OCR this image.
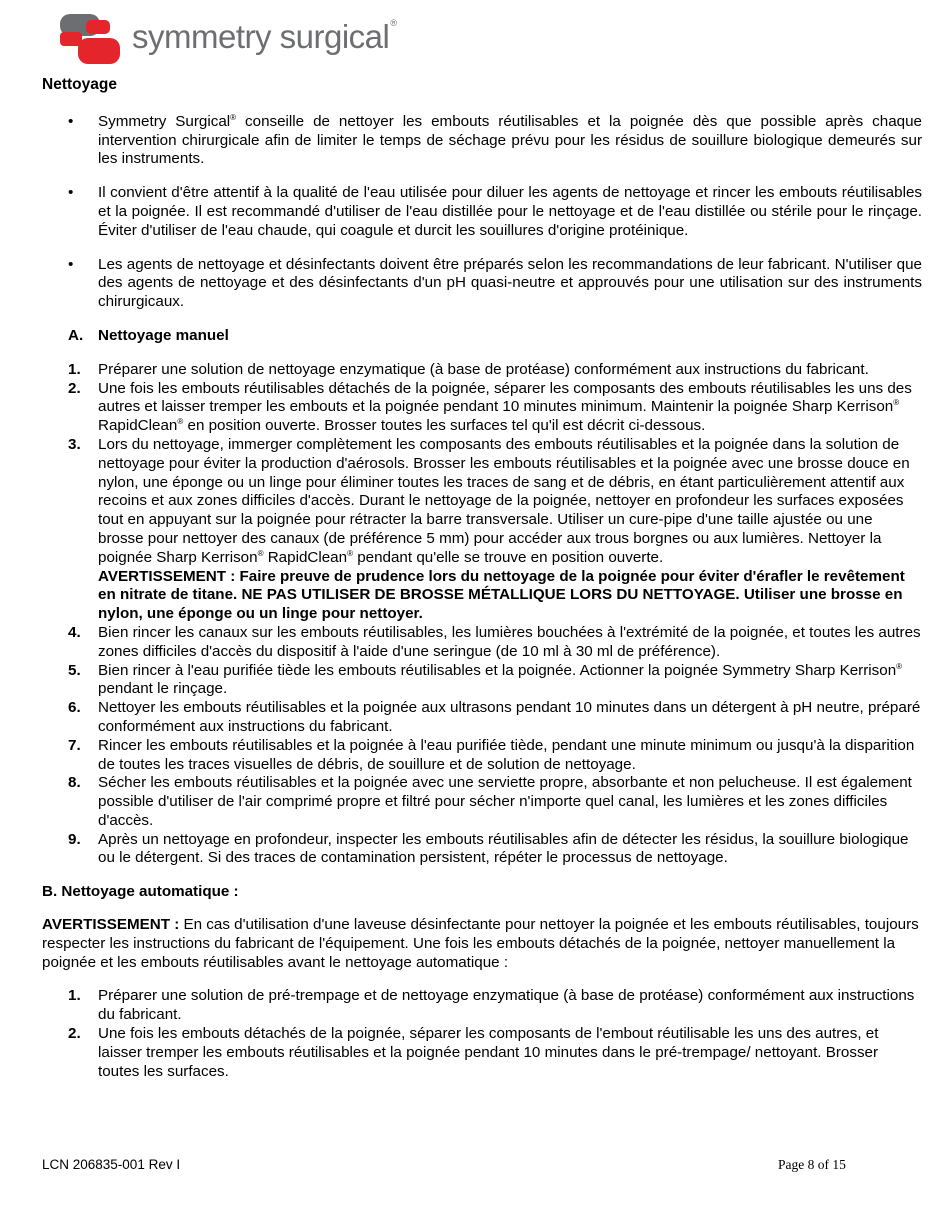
symmetry surgical®
Nettoyage
• Symmetry Surgical® conseille de nettoyer les embouts réutilisables et la poignée dès que possible après chaque intervention chirurgicale afin de limiter le temps de séchage prévu pour les résidus de souillure biologique demeurés sur les instruments.
• Il convient d'être attentif à la qualité de l'eau utilisée pour diluer les agents de nettoyage et rincer les embouts réutilisables et la poignée. Il est recommandé d'utiliser de l'eau distillée pour le nettoyage et de l'eau distillée ou stérile pour le rinçage. Éviter d'utiliser de l'eau chaude, qui coagule et durcit les souillures d'origine protéinique.
• Les agents de nettoyage et désinfectants doivent être préparés selon les recommandations de leur fabricant. N'utiliser que des agents de nettoyage et des désinfectants d'un pH quasi-neutre et approuvés pour une utilisation sur des instruments chirurgicaux.
A. Nettoyage manuel
1. Préparer une solution de nettoyage enzymatique (à base de protéase) conformément aux instructions du fabricant.
2. Une fois les embouts réutilisables détachés de la poignée, séparer les composants des embouts réutilisables les uns des autres et laisser tremper les embouts et la poignée pendant 10 minutes minimum. Maintenir la poignée Sharp Kerrison® RapidClean® en position ouverte. Brosser toutes les surfaces tel qu'il est décrit ci-dessous.
3. Lors du nettoyage, immerger complètement les composants des embouts réutilisables et la poignée dans la solution de nettoyage pour éviter la production d'aérosols. Brosser les embouts réutilisables et la poignée avec une brosse douce en nylon, une éponge ou un linge pour éliminer toutes les traces de sang et de débris, en étant particulièrement attentif aux recoins et aux zones difficiles d'accès. Durant le nettoyage de la poignée, nettoyer en profondeur les surfaces exposées tout en appuyant sur la poignée pour rétracter la barre transversale. Utiliser un cure-pipe d'une taille ajustée ou une brosse pour nettoyer des canaux (de préférence 5 mm) pour accéder aux trous borgnes ou aux lumières. Nettoyer la poignée Sharp Kerrison® RapidClean® pendant qu'elle se trouve en position ouverte.
AVERTISSEMENT : Faire preuve de prudence lors du nettoyage de la poignée pour éviter d'érafler le revêtement en nitrate de titane. NE PAS UTILISER DE BROSSE MÉTALLIQUE LORS DU NETTOYAGE. Utiliser une brosse en nylon, une éponge ou un linge pour nettoyer.
4. Bien rincer les canaux sur les embouts réutilisables, les lumières bouchées à l'extrémité de la poignée, et toutes les autres zones difficiles d'accès du dispositif à l'aide d'une seringue (de 10 ml à 30 ml de préférence).
5. Bien rincer à l'eau purifiée tiède les embouts réutilisables et la poignée. Actionner la poignée Symmetry Sharp Kerrison® pendant le rinçage.
6. Nettoyer les embouts réutilisables et la poignée aux ultrasons pendant 10 minutes dans un détergent à pH neutre, préparé conformément aux instructions du fabricant.
7. Rincer les embouts réutilisables et la poignée à l'eau purifiée tiède, pendant une minute minimum ou jusqu'à la disparition de toutes les traces visuelles de débris, de souillure et de solution de nettoyage.
8. Sécher les embouts réutilisables et la poignée avec une serviette propre, absorbante et non pelucheuse. Il est également possible d'utiliser de l'air comprimé propre et filtré pour sécher n'importe quel canal, les lumières et les zones difficiles d'accès.
9. Après un nettoyage en profondeur, inspecter les embouts réutilisables afin de détecter les résidus, la souillure biologique ou le détergent. Si des traces de contamination persistent, répéter le processus de nettoyage.
B. Nettoyage automatique :

AVERTISSEMENT : En cas d'utilisation d'une laveuse désinfectante pour nettoyer la poignée et les embouts réutilisables, toujours respecter les instructions du fabricant de l'équipement. Une fois les embouts détachés de la poignée, nettoyer manuellement la poignée et les embouts réutilisables avant le nettoyage automatique :

1. Préparer une solution de pré-trempage et de nettoyage enzymatique (à base de protéase) conformément aux instructions du fabricant.
2. Une fois les embouts détachés de la poignée, séparer les composants de l'embout réutilisable les uns des autres, et laisser tremper les embouts réutilisables et la poignée pendant 10 minutes dans le pré-trempage/ nettoyant. Brosser toutes les surfaces.
LCN 206835-001 Rev I	Page 8 of 15
